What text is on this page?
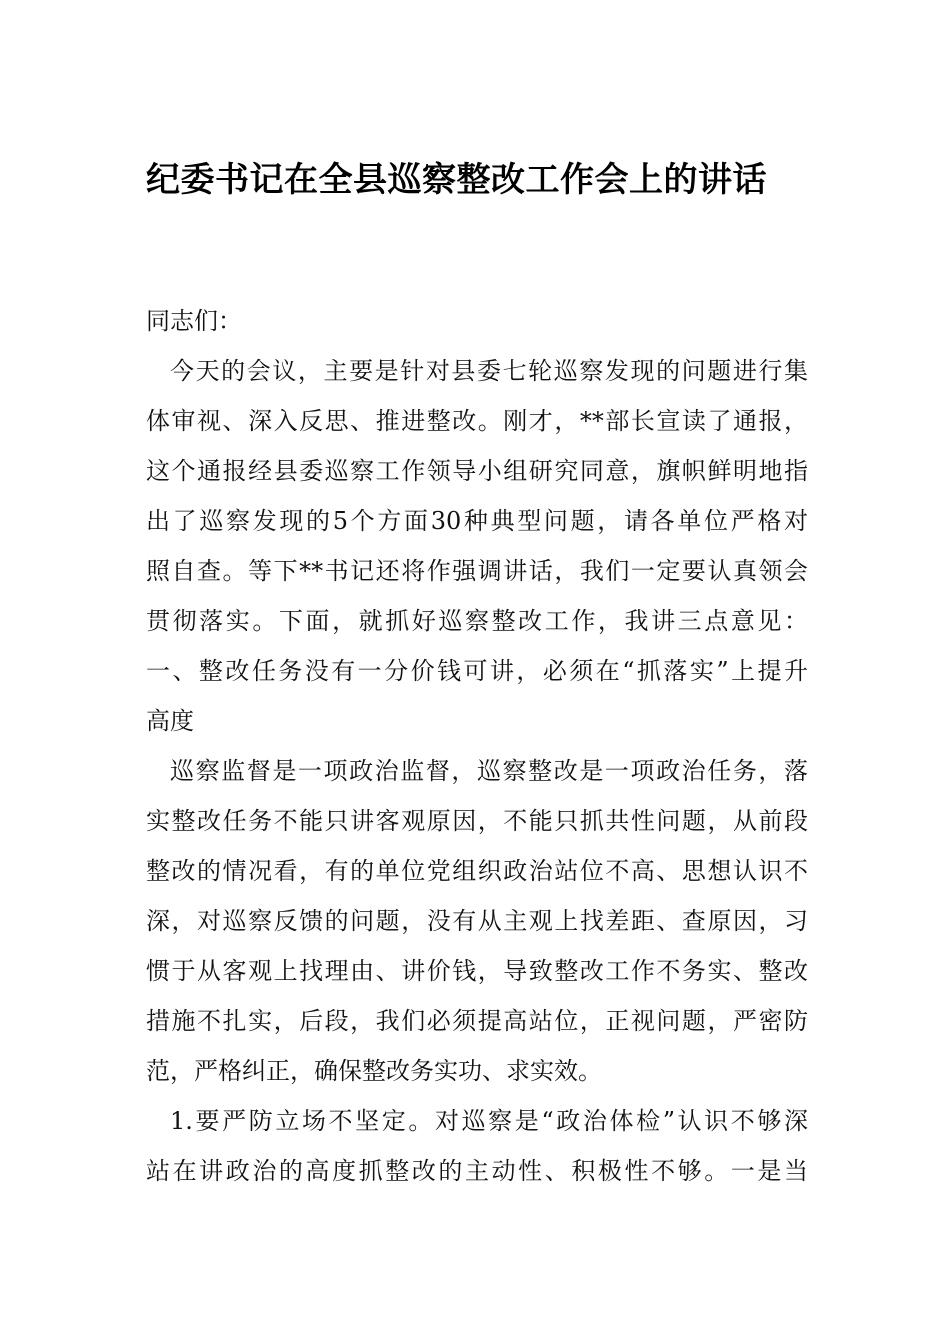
纪委书记在全县巡察整改工作会上的讲话
同志们：
今天的会议，主要是针对县委七轮巡察发现的问题进行集
体审视、深入反思、推进整改。刚才，**部长宣读了通报，
这个通报经县委巡察工作领导小组研究同意，旗帜鲜明地指
出了巡察发现的5个方面30种典型问题，请各单位严格对
照自查。等下**书记还将作强调讲话，我们一定要认真领会
贯彻落实。下面，就抓好巡察整改工作，我讲三点意见：
一、整改任务没有一分价钱可讲，必须在“抓落实”上提升
高度
巡察监督是一项政治监督，巡察整改是一项政治任务，落
实整改任务不能只讲客观原因，不能只抓共性问题，从前段
整改的情况看，有的单位党组织政治站位不高、思想认识不
深，对巡察反馈的问题，没有从主观上找差距、查原因，习
惯于从客观上找理由、讲价钱，导致整改工作不务实、整改
措施不扎实，后段，我们必须提高站位，正视问题，严密防
范，严格纠正，确保整改务实功、求实效。
1.要严防立场不坚定。对巡察是“政治体检”认识不够深
站在讲政治的高度抓整改的主动性、积极性不够。一是当
